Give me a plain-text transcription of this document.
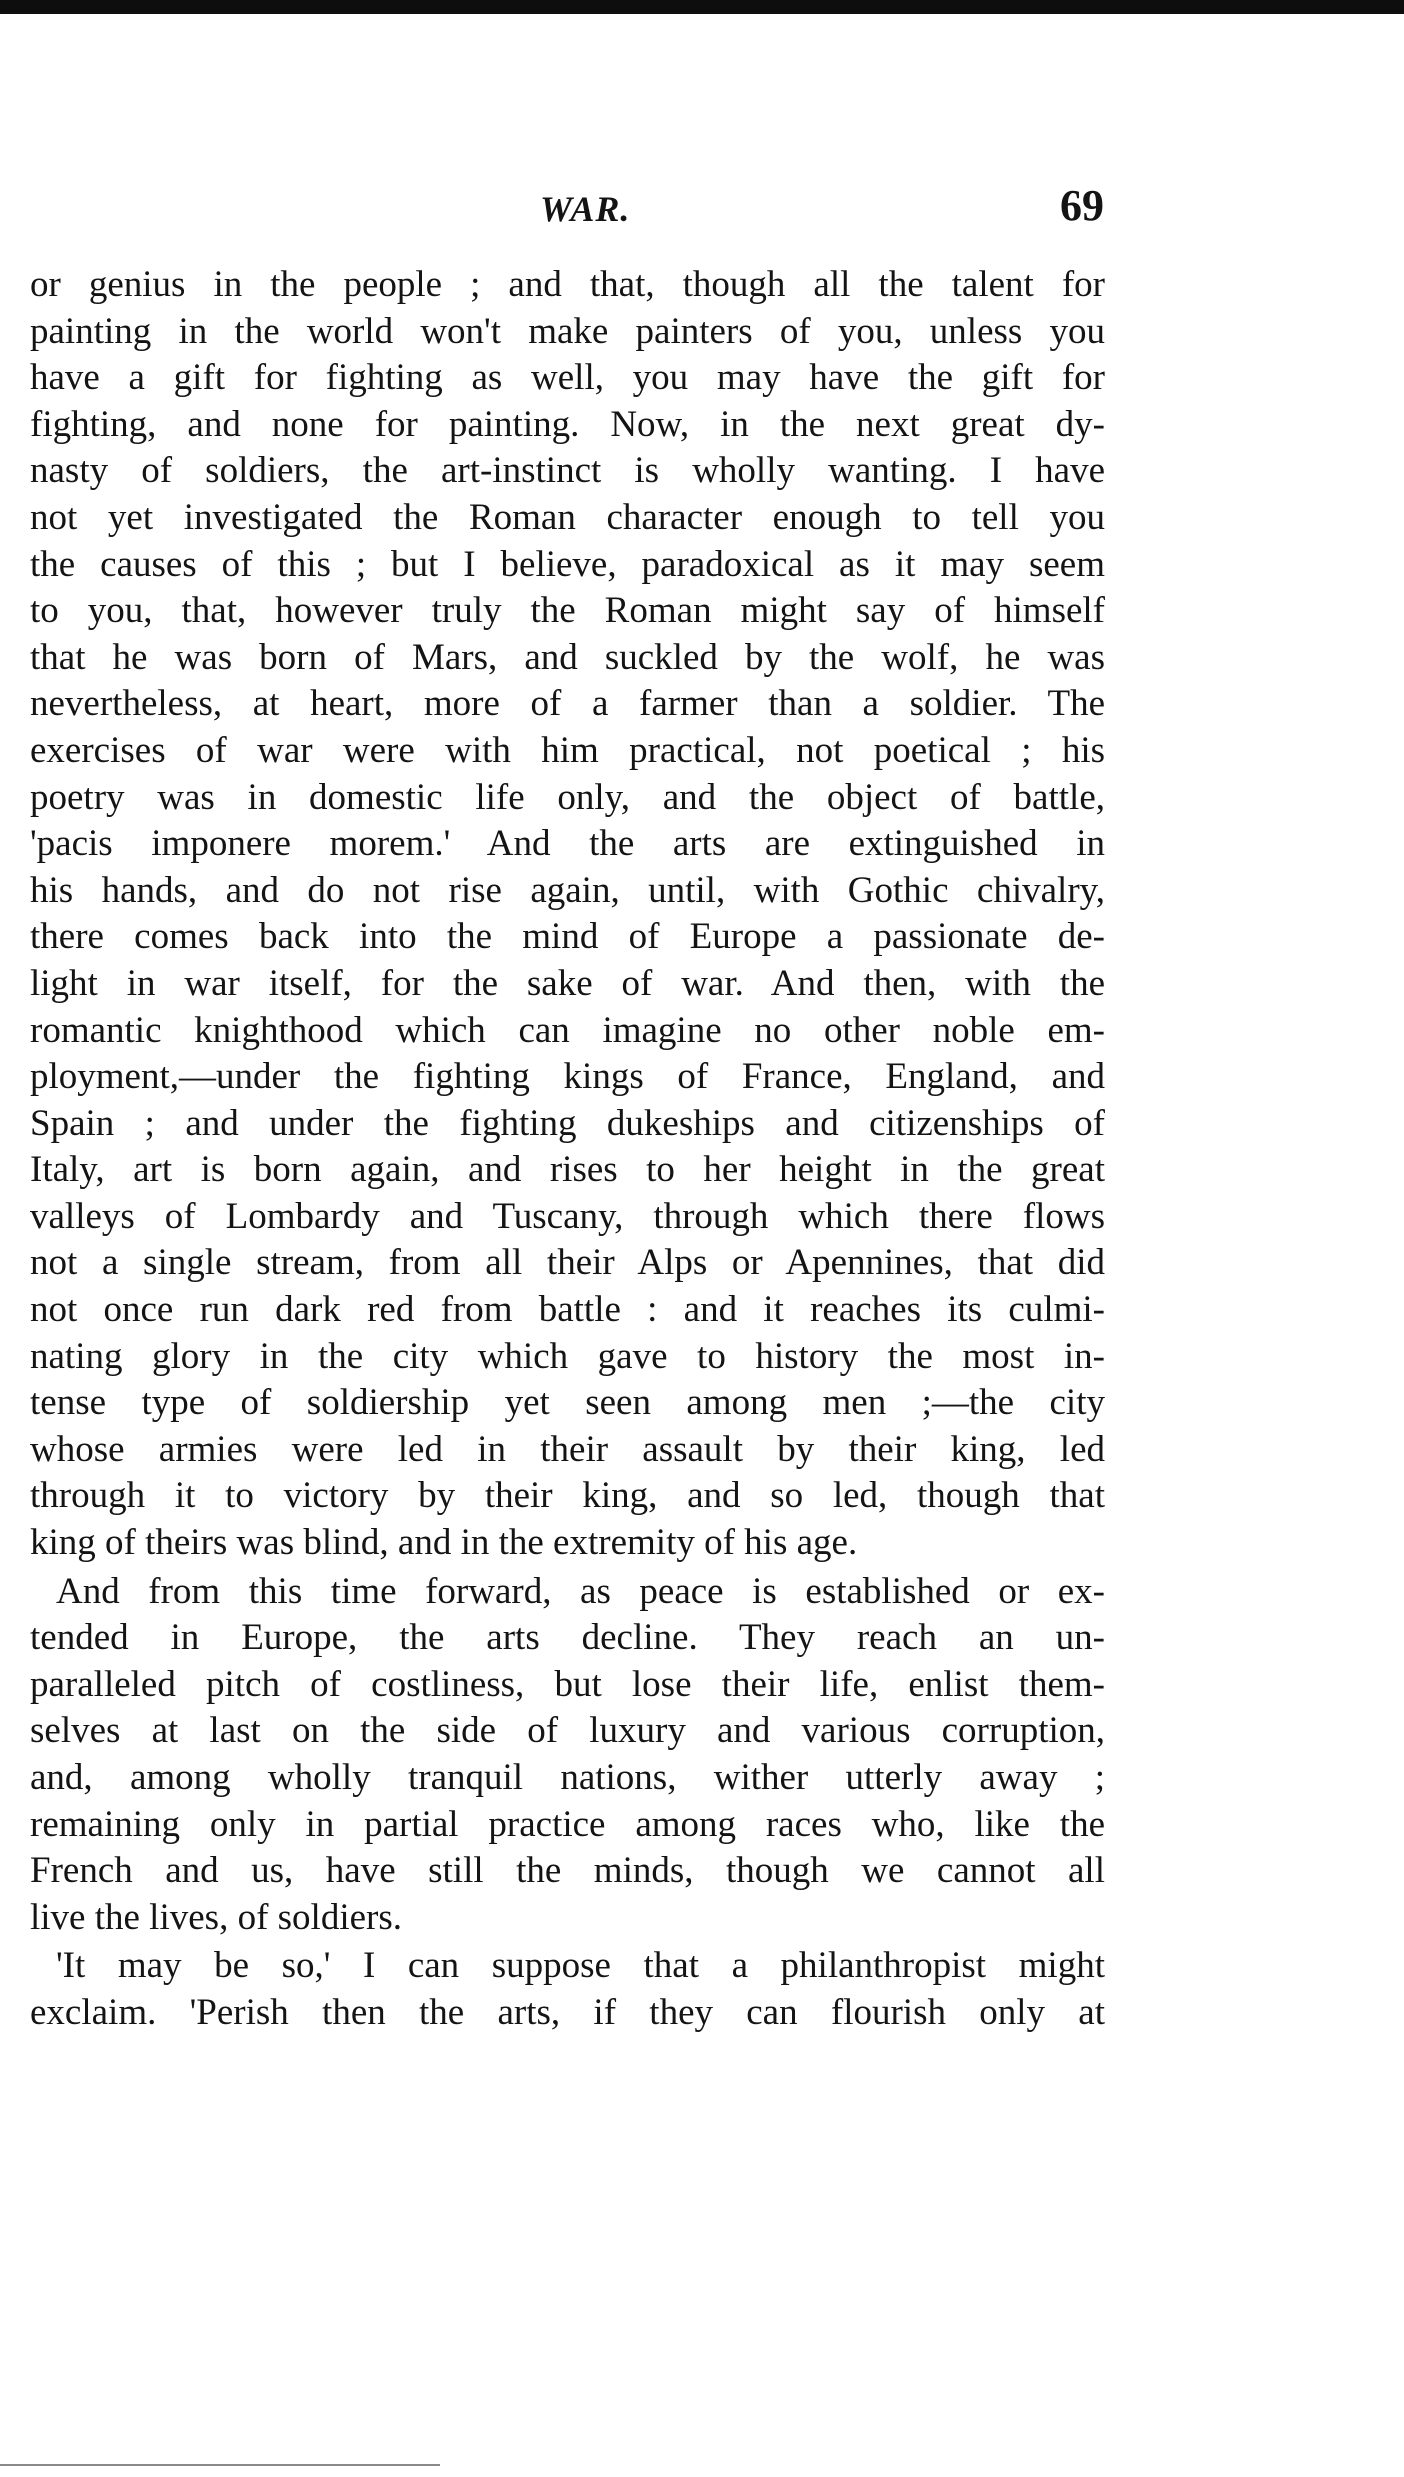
WAR.	69
or genius in the people ; and that, though all the talent for
painting in the world won't make painters of you, unless you
have a gift for fighting as well, you may have the gift for
fighting, and none for painting. Now, in the next great dy-
nasty of soldiers, the art-instinct is wholly wanting. I have
not yet investigated the Roman character enough to tell you
the causes of this ; but I believe, paradoxical as it may seem
to you, that, however truly the Roman might say of himself
that he was born of Mars, and suckled by the wolf, he was
nevertheless, at heart, more of a farmer than a soldier. The
exercises of war were with him practical, not poetical ; his
poetry was in domestic life only, and the object of battle,
'pacis imponere morem.' And the arts are extinguished in
his hands, and do not rise again, until, with Gothic chivalry,
there comes back into the mind of Europe a passionate de-
light in war itself, for the sake of war. And then, with the
romantic knighthood which can imagine no other noble em-
ployment,—under the fighting kings of France, England, and
Spain ; and under the fighting dukeships and citizenships of
Italy, art is born again, and rises to her height in the great
valleys of Lombardy and Tuscany, through which there flows
not a single stream, from all their Alps or Apennines, that did
not once run dark red from battle : and it reaches its culmi-
nating glory in the city which gave to history the most in-
tense type of soldiership yet seen among men ;—the city
whose armies were led in their assault by their king, led
through it to victory by their king, and so led, though that
king of theirs was blind, and in the extremity of his age.
And from this time forward, as peace is established or ex-
tended in Europe, the arts decline. They reach an un-
paralleled pitch of costliness, but lose their life, enlist them-
selves at last on the side of luxury and various corruption,
and, among wholly tranquil nations, wither utterly away ;
remaining only in partial practice among races who, like the
French and us, have still the minds, though we cannot all
live the lives, of soldiers.
'It may be so,' I can suppose that a philanthropist might
exclaim. 'Perish then the arts, if they can flourish only at
